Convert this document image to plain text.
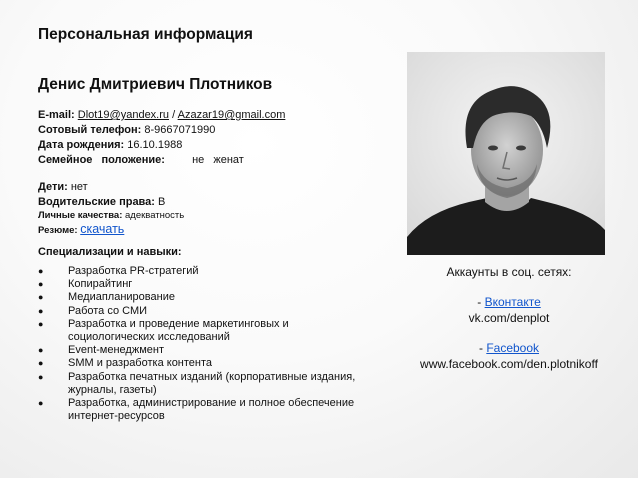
Персональная информация
Денис Дмитриевич Плотников
E-mail: Dlot19@yandex.ru / Azazar19@gmail.com
Сотовый телефон: 8-9667071990
Дата рождения: 16.10.1988
Семейное положение: не женат
Дети: нет
Водительские права: В
Личные качества: адекватность
Резюме: скачать
Специализации и навыки:
● Разработка PR-стратегий
● Копирайтинг
● Медиапланирование
● Работа со СМИ
● Разработка и проведение маркетинговых и социологических исследований
● Event-менеджмент
● SMM и разработка контента
● Разработка печатных изданий (корпоративные издания, журналы, газеты)
● Разработка, администрирование и полное обеспечение интернет-ресурсов

Аккаунты в соц. сетях:

- Вконтакте

vk.com/denplot

- Facebook

www.facebook.com/den.plotnikoff
